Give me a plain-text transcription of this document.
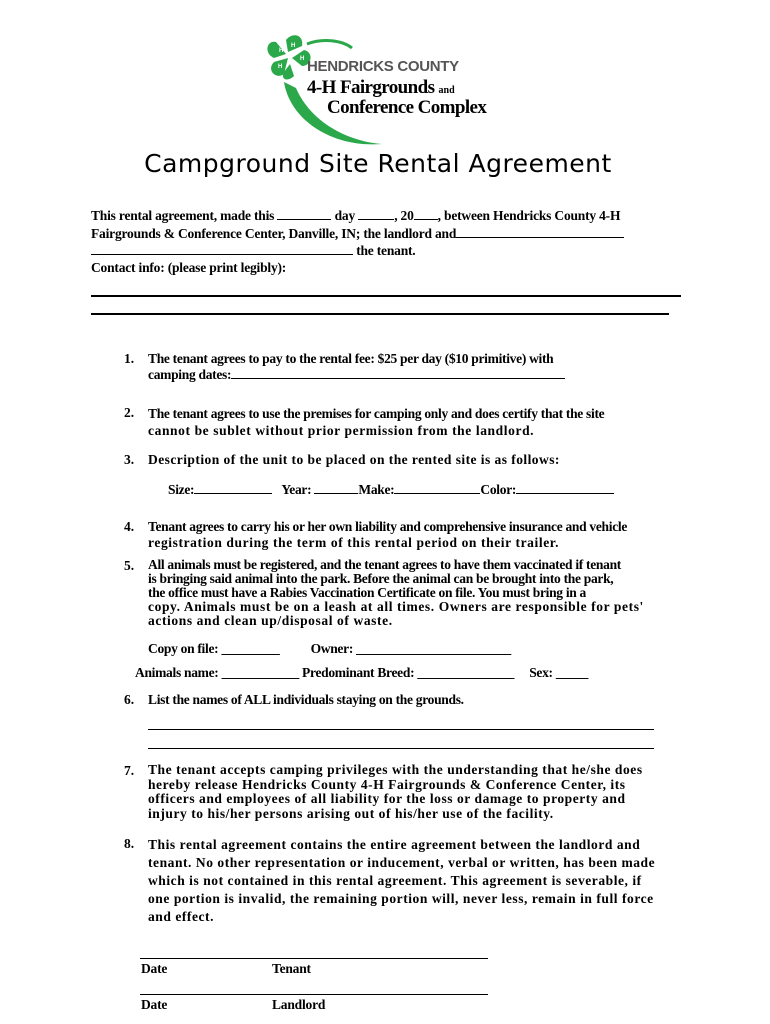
H
H
H
H HENDRICKS COUNTY
4-H Fairgrounds and
Conference Complex
Campground Site Rental Agreement
This rental agreement, made this	day	, 20 , between Hendricks County 4-H
Fairgrounds & Conference Center, Danville, IN; the landlord and
the tenant.
Contact info: (please print legibly):
1. The tenant agrees to pay to the rental fee: $25 per day ($10 primitive) with
camping dates:
2. The tenant agrees to use the premises for camping only and does certify that the site
cannot be sublet without prior permission from the landlord.
3. Description of the unit to be placed on the rented site is as follows:
Size:	Year:	Make:	Color:
4. Tenant agrees to carry his or her own liability and comprehensive insurance and vehicle
registration during the term of this rental period on their trailer.
5. All animals must be registered, and the tenant agrees to have them vaccinated if tenant
is bringing said animal into the park. Before the animal can be brought into the park,
the office must have a Rabies Vaccination Certificate on file. You must bring in a
copy. Animals must be on a leash at all times. Owners are responsible for pets'
actions and clean up/disposal of waste.
Copy on file: _________ Owner: ________________________
Animals name: ____________ Predominant Breed: _______________ Sex: _____
6. List the names of ALL individuals staying on the grounds.
7. The tenant accepts camping privileges with the understanding that he/she does
hereby release Hendricks County 4-H Fairgrounds & Conference Center, its
officers and employees of all liability for the loss or damage to property and
injury to his/her persons arising out of his/her use of the facility.
8. This rental agreement contains the entire agreement between the landlord and
tenant. No other representation or inducement, verbal or written, has been made
which is not contained in this rental agreement. This agreement is severable, if
one portion is invalid, the remaining portion will, never less, remain in full force
and effect.
Date	Tenant
Date	Landlord
